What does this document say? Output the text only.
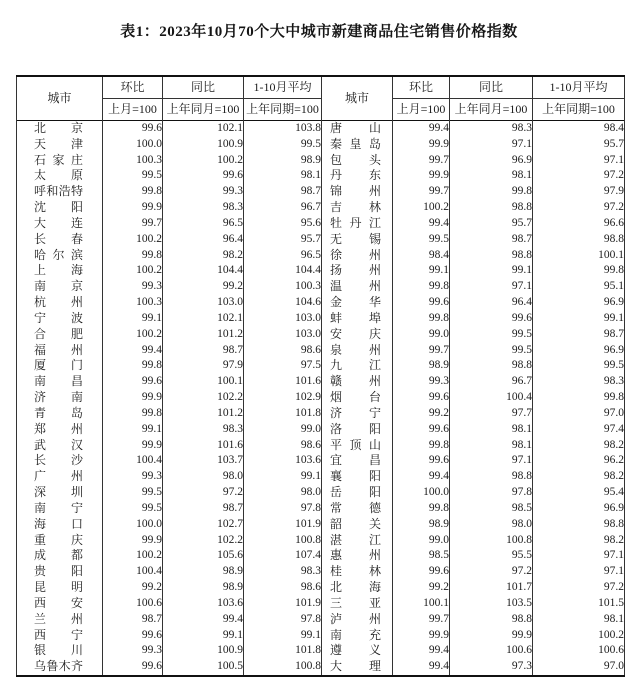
表1：2023年10月70个大中城市新建商品住宅销售价格指数
城市	环比	同比	1-10月平均	城市	环比	同比	1-10月平均
	上月=100	上年同月=100	上年同期=100		上月=100	上年同月=100	上年同期=100

北京	99.6	102.1	103.8	唐山	99.4	98.3	98.4

天津	100.0	100.9	99.5	秦皇岛	99.9	97.1	95.7

石家庄	100.3	100.2	98.9	包头	99.7	96.9	97.1

太原	99.5	99.6	98.1	丹东	99.9	98.1	97.2

呼和浩特	99.8	99.3	98.7	锦州	99.7	99.8	97.9

沈阳	99.9	98.3	96.7	吉林	100.2	98.8	97.2

大连	99.7	96.5	95.6	牡丹江	99.4	95.7	96.6

长春	100.2	96.4	95.7	无锡	99.5	98.7	98.8

哈尔滨	99.8	98.2	96.5	徐州	98.4	98.8	100.1

上海	100.2	104.4	104.4	扬州	99.1	99.1	99.8

南京	99.3	99.2	100.3	温州	99.8	97.1	95.1

杭州	100.3	103.0	104.6	金华	99.6	96.4	96.9

宁波	99.1	102.1	103.0	蚌埠	99.8	99.6	99.1

合肥	100.2	101.2	103.0	安庆	99.0	99.5	98.7

福州	99.4	98.7	98.6	泉州	99.7	99.5	96.9

厦门	99.8	97.9	97.5	九江	98.9	98.8	99.5

南昌	99.6	100.1	101.6	赣州	99.3	96.7	98.3

济南	99.9	102.2	102.9	烟台	99.6	100.4	99.8

青岛	99.8	101.2	101.8	济宁	99.2	97.7	97.0

郑州	99.1	98.3	99.0	洛阳	99.6	98.1	97.4

武汉	99.9	101.6	98.6	平顶山	99.8	98.1	98.2

长沙	100.4	103.7	103.6	宜昌	99.6	97.1	96.2

广州	99.3	98.0	99.1	襄阳	99.4	98.8	98.2

深圳	99.5	97.2	98.0	岳阳	100.0	97.8	95.4

南宁	99.5	98.7	97.8	常德	99.8	98.5	96.9

海口	100.0	102.7	101.9	韶关	98.9	98.0	98.8

重庆	99.9	102.2	100.8	湛江	99.0	100.8	98.2

成都	100.2	105.6	107.4	惠州	98.5	95.5	97.1

贵阳	100.4	98.9	98.3	桂林	99.6	97.2	97.1

昆明	99.2	98.9	98.6	北海	99.2	101.7	97.2

西安	100.6	103.6	101.9	三亚	100.1	103.5	101.5

兰州	98.7	99.4	97.8	泸州	99.7	98.8	98.1

西宁	99.6	99.1	99.1	南充	99.9	99.9	100.2

银川	99.3	100.9	101.8	遵义	99.4	100.6	100.6

乌鲁木齐	99.6	100.5	100.8	大理	99.4	97.3	97.0
